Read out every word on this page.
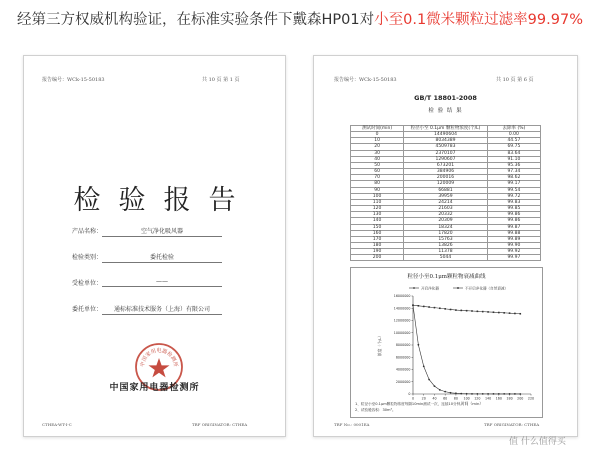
经第三方权威机构验证，在标准实验条件下戴森HP01对小至0.1微米颗粒过滤率99.97%
报告编号：WCk-15-50183	共 10 页 第 1 页
检验报告
产品名称：	空气净化吸风器
检验类别：	委托检验
受检单位：	——
委托单位：	通标标准技术服务（上海）有限公司
中国家用电器检测所
中国家用电器检测所
CTHEA-WT-I-C	TRF ORIGINATOR: CTHEA
报告编号：WCk-15-50183	共 10 页 第 6 页
GB/T 18801-2008
检 验 结 果
测试时间(min)	粒径小至 0.1μm 颗粒物浓度(个/L)	去除率 (%)
0	14490604	0.00
10	8034389	44.57
20	4509783	69.75
30	2370107	83.64
40	1290607	91.10
50	673201	95.36
60	384906	97.34
70	200016	98.62
80	120009	99.17
90	66881	99.54
100	39959	99.72
110	24214	99.83
120	21603	99.85
130	20332	99.86
140	20309	99.86
150	18324	99.87
160	17820	99.88
170	15763	99.89
180	13826	99.90
190	11378	99.92
200	5044	99.97
粒径小至0.1μm颗粒物衰减曲线
开启净化器	不开启净化器（自然衰减）
0
2000000
4000000
6000000
8000000
10000000
12000000
14000000
16000000
0 20 40 60 80 100 120 140 160 180 200 220
时间（min）
浓度（个/L）
1、粒径小至0.1μm颗粒物浓度每隔10min测试一次，连续10分钟。
2、试验舱容积：30m³。
TRF No.: 0001EA	TRF ORIGINATOR: CTHEA
值 什么值得买
